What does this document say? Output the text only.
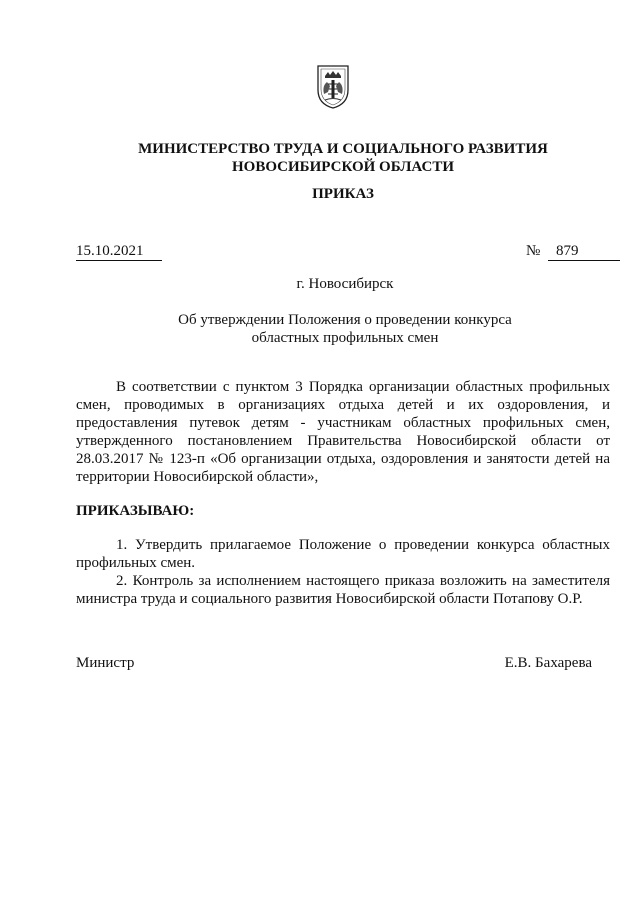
МИНИСТЕРСТВО ТРУДА И СОЦИАЛЬНОГО РАЗВИТИЯ
НОВОСИБИРСКОЙ ОБЛАСТИ
ПРИКАЗ
15.10.2021	№	879
г. Новосибирск
Об утверждении Положения о проведении конкурса
областных профильных смен

В соответствии с пунктом 3 Порядка организации областных профильных смен, проводимых в организациях отдыха детей и их оздоровления, и предоставления путевок детям - участникам областных профильных смен, утвержденного постановлением Правительства Новосибирской области от 28.03.2017 № 123-п «Об организации отдыха, оздоровления и занятости детей на территории Новосибирской области»,

ПРИКАЗЫВАЮ:

1. Утвердить прилагаемое Положение о проведении конкурса областных профильных смен.

2. Контроль за исполнением настоящего приказа возложить на заместителя министра труда и социального развития Новосибирской области Потапову О.Р.

Министр	Е.В. Бахарева
